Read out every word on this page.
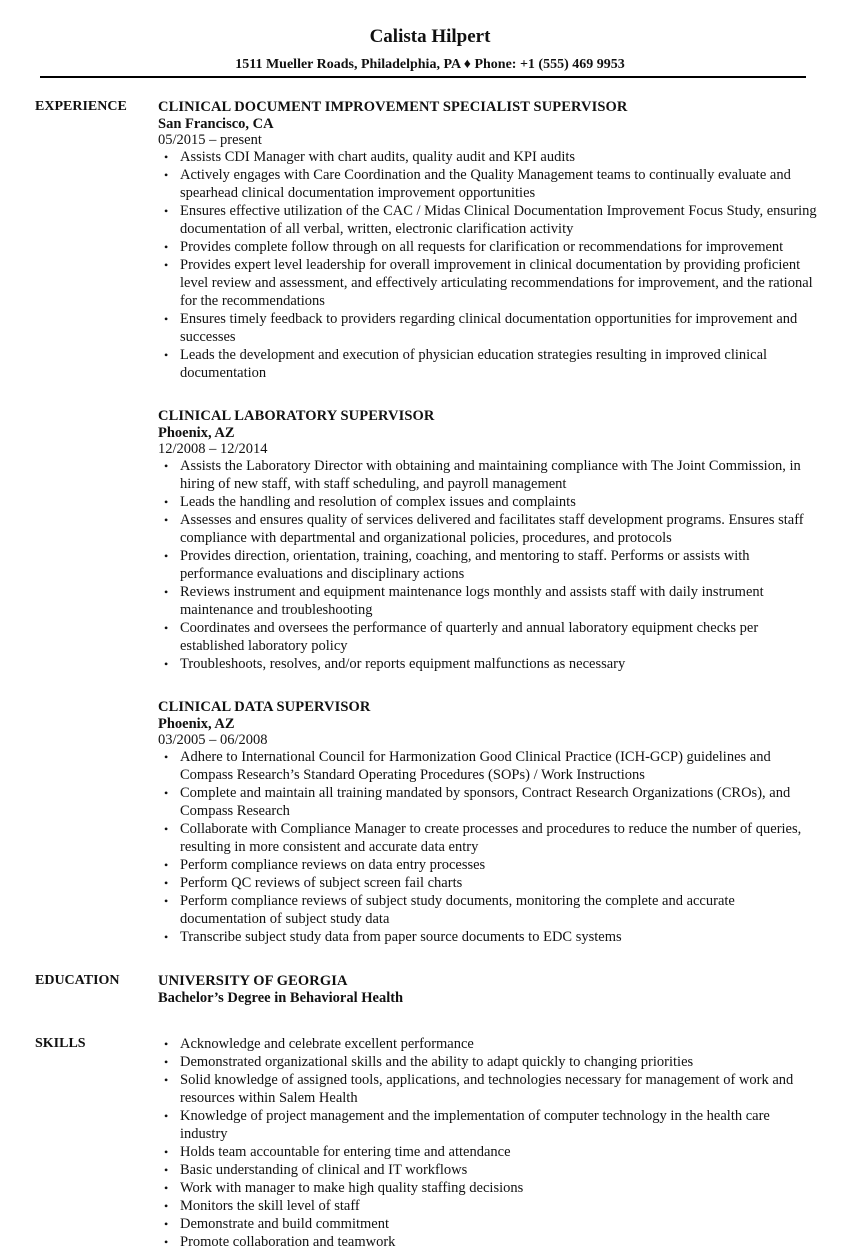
Calista Hilpert
1511 Mueller Roads, Philadelphia, PA ♦ Phone: +1 (555) 469 9953
EXPERIENCE CLINICAL DOCUMENT IMPROVEMENT SPECIALIST SUPERVISOR
San Francisco, CA
05/2015 – present
• Assists CDI Manager with chart audits, quality audit and KPI audits
• Actively engages with Care Coordination and the Quality Management teams to continually evaluate and spearhead clinical documentation improvement opportunities
• Ensures effective utilization of the CAC / Midas Clinical Documentation Improvement Focus Study, ensuring documentation of all verbal, written, electronic clarification activity
• Provides complete follow through on all requests for clarification or recommendations for improvement
• Provides expert level leadership for overall improvement in clinical documentation by providing proficient level review and assessment, and effectively articulating recommendations for improvement, and the rational for the recommendations
• Ensures timely feedback to providers regarding clinical documentation opportunities for improvement and successes
• Leads the development and execution of physician education strategies resulting in improved clinical documentation
CLINICAL LABORATORY SUPERVISOR
Phoenix, AZ
12/2008 – 12/2014
• Assists the Laboratory Director with obtaining and maintaining compliance with The Joint Commission, in hiring of new staff, with staff scheduling, and payroll management
• Leads the handling and resolution of complex issues and complaints
• Assesses and ensures quality of services delivered and facilitates staff development programs. Ensures staff compliance with departmental and organizational policies, procedures, and protocols
• Provides direction, orientation, training, coaching, and mentoring to staff. Performs or assists with performance evaluations and disciplinary actions
• Reviews instrument and equipment maintenance logs monthly and assists staff with daily instrument maintenance and troubleshooting
• Coordinates and oversees the performance of quarterly and annual laboratory equipment checks per established laboratory policy
• Troubleshoots, resolves, and/or reports equipment malfunctions as necessary
CLINICAL DATA SUPERVISOR
Phoenix, AZ
03/2005 – 06/2008
• Adhere to International Council for Harmonization Good Clinical Practice (ICH-GCP) guidelines and Compass Research’s Standard Operating Procedures (SOPs) / Work Instructions
• Complete and maintain all training mandated by sponsors, Contract Research Organizations (CROs), and Compass Research
• Collaborate with Compliance Manager to create processes and procedures to reduce the number of queries, resulting in more consistent and accurate data entry
• Perform compliance reviews on data entry processes
• Perform QC reviews of subject screen fail charts
• Perform compliance reviews of subject study documents, monitoring the complete and accurate documentation of subject study data
• Transcribe subject study data from paper source documents to EDC systems
EDUCATION	UNIVERSITY OF GEORGIA
Bachelor’s Degree in Behavioral Health
SKILLS	• Acknowledge and celebrate excellent performance
• Demonstrated organizational skills and the ability to adapt quickly to changing priorities
• Solid knowledge of assigned tools, applications, and technologies necessary for management of work and resources within Salem Health
• Knowledge of project management and the implementation of computer technology in the health care industry
• Holds team accountable for entering time and attendance
• Basic understanding of clinical and IT workflows
• Work with manager to make high quality staffing decisions
• Monitors the skill level of staff
• Demonstrate and build commitment
• Promote collaboration and teamwork
